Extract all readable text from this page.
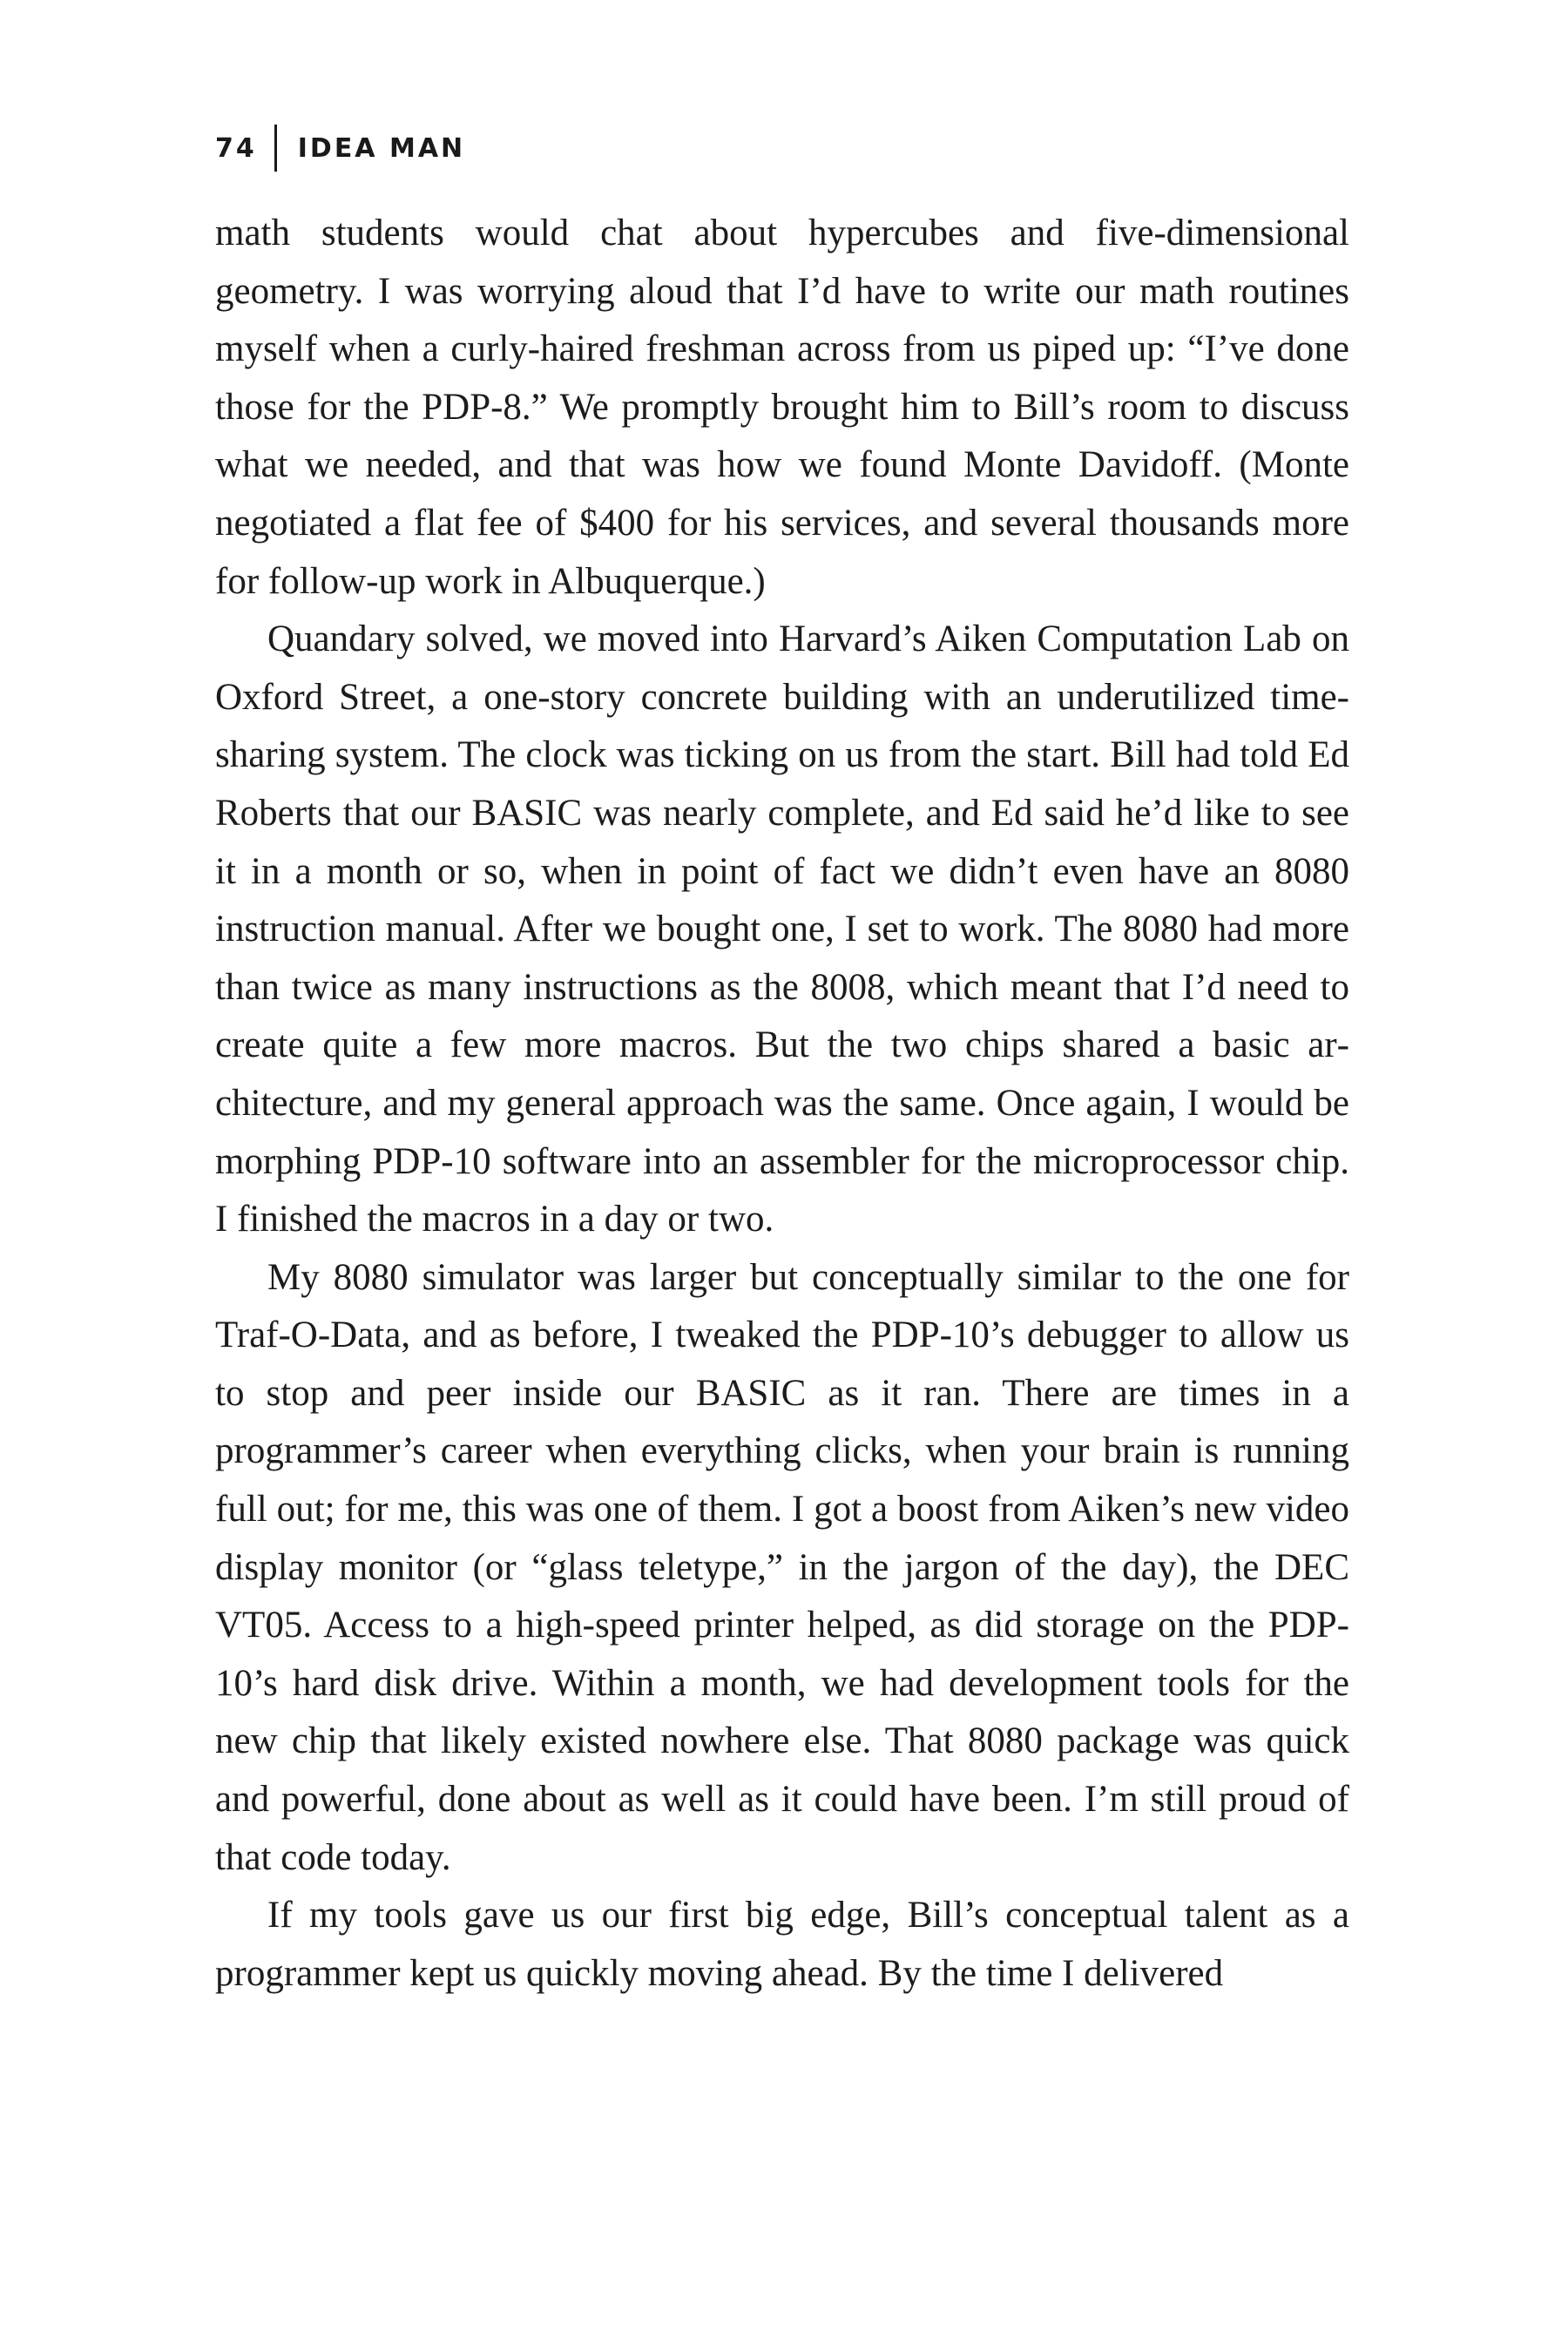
74 IDEA MAN

math students would chat about hypercubes and five-dimensional geometry. I was worrying aloud that I’d have to write our math routines myself when a curly-haired freshman across from us piped up: “I’ve done those for the PDP-8.” We promptly brought him to Bill’s room to discuss what we needed, and that was how we found Monte Davidoff. (Monte negotiated a flat fee of $400 for his services, and several thousands more for follow-up work in Albuquerque.)

Quandary solved, we moved into Harvard’s Aiken Computation Lab on Oxford Street, a one-story concrete building with an underutilized time-sharing system. The clock was ticking on us from the start. Bill had told Ed Roberts that our BASIC was nearly complete, and Ed said he’d like to see it in a month or so, when in point of fact we didn’t even have an 8080 instruction manual. After we bought one, I set to work. The 8080 had more than twice as many instructions as the 8008, which meant that I’d need to create quite a few more macros. But the two chips shared a basic architecture, and my general approach was the same. Once again, I would be morphing PDP-10 software into an assembler for the microprocessor chip. I finished the macros in a day or two.

My 8080 simulator was larger but conceptually similar to the one for Traf-O-Data, and as before, I tweaked the PDP-10’s debugger to allow us to stop and peer inside our BASIC as it ran. There are times in a programmer’s career when everything clicks, when your brain is running full out; for me, this was one of them. I got a boost from Aiken’s new video display monitor (or “glass teletype,” in the jargon of the day), the DEC VT05. Access to a high-speed printer helped, as did storage on the PDP-10’s hard disk drive. Within a month, we had development tools for the new chip that likely existed nowhere else. That 8080 package was quick and powerful, done about as well as it could have been. I’m still proud of that code today.

If my tools gave us our first big edge, Bill’s conceptual talent as a programmer kept us quickly moving ahead. By the time I delivered
